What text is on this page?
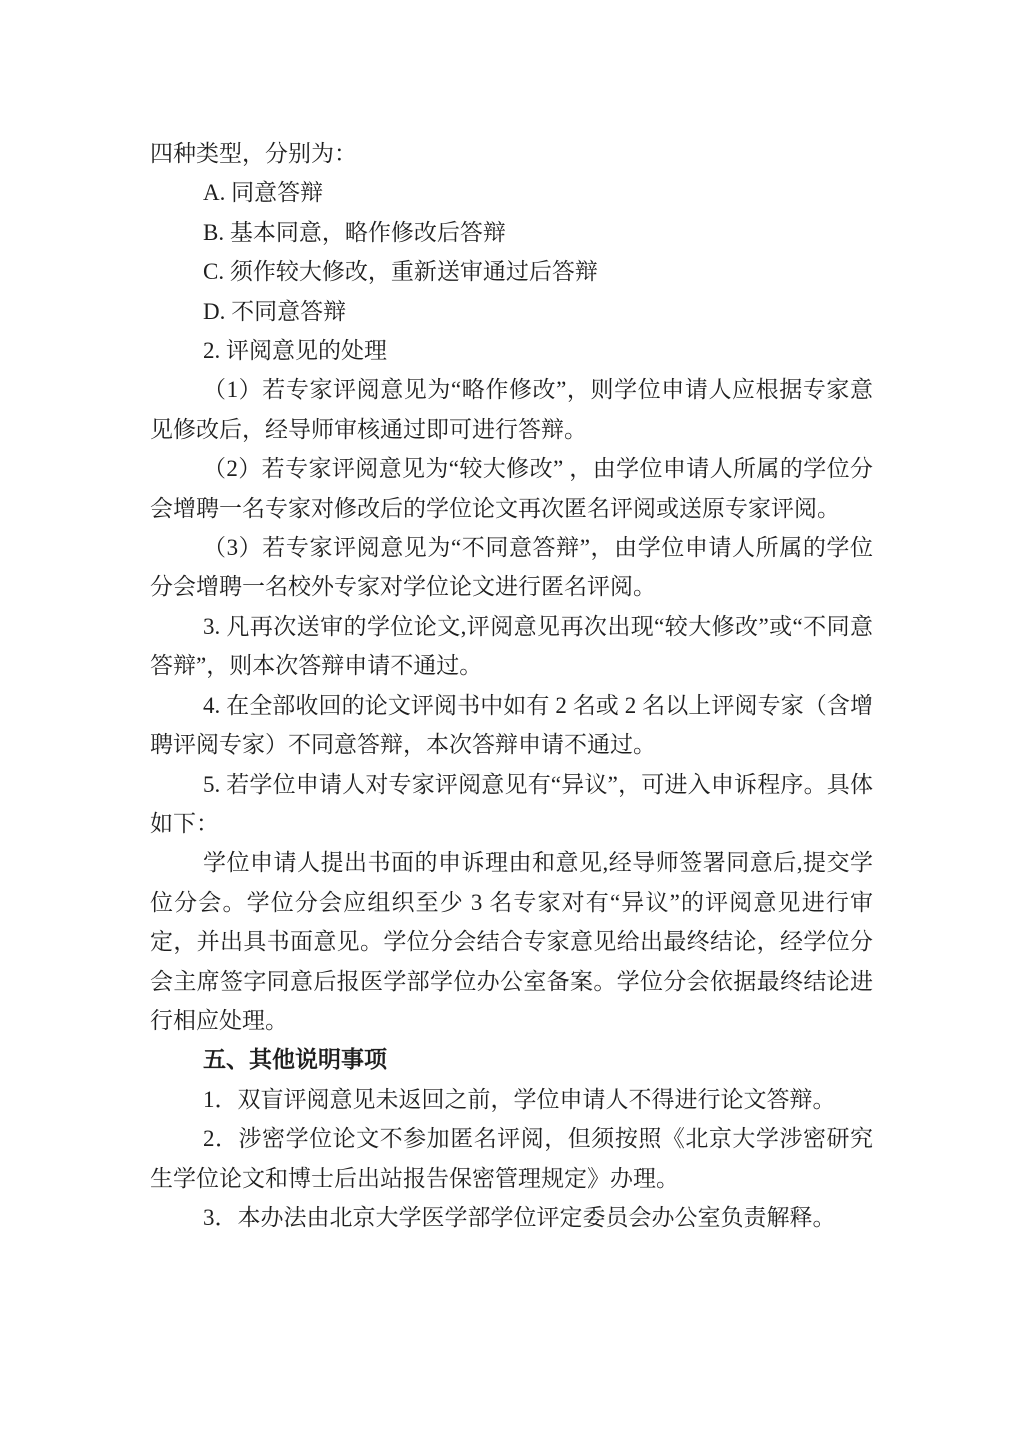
四种类型，分别为：

A. 同意答辩

B. 基本同意，略作修改后答辩

C. 须作较大修改，重新送审通过后答辩

D. 不同意答辩

2. 评阅意见的处理

（1）若专家评阅意见为“略作修改”，则学位申请人应根据专家意见修改后，经导师审核通过即可进行答辩。

（2）若专家评阅意见为“较大修改” ，由学位申请人所属的学位分会增聘一名专家对修改后的学位论文再次匿名评阅或送原专家评阅。

（3）若专家评阅意见为“不同意答辩”，由学位申请人所属的学位分会增聘一名校外专家对学位论文进行匿名评阅。

3. 凡再次送审的学位论文,评阅意见再次出现“较大修改”或“不同意答辩”，则本次答辩申请不通过。

4. 在全部收回的论文评阅书中如有 2 名或 2 名以上评阅专家（含增聘评阅专家）不同意答辩，本次答辩申请不通过。

5. 若学位申请人对专家评阅意见有“异议”，可进入申诉程序。具体如下：

学位申请人提出书面的申诉理由和意见,经导师签署同意后,提交学位分会。学位分会应组织至少 3 名专家对有“异议”的评阅意见进行审定，并出具书面意见。学位分会结合专家意见给出最终结论，经学位分会主席签字同意后报医学部学位办公室备案。学位分会依据最终结论进行相应处理。

五、其他说明事项

1．双盲评阅意见未返回之前，学位申请人不得进行论文答辩。

2．涉密学位论文不参加匿名评阅，但须按照《北京大学涉密研究生学位论文和博士后出站报告保密管理规定》办理。

3．本办法由北京大学医学部学位评定委员会办公室负责解释。
